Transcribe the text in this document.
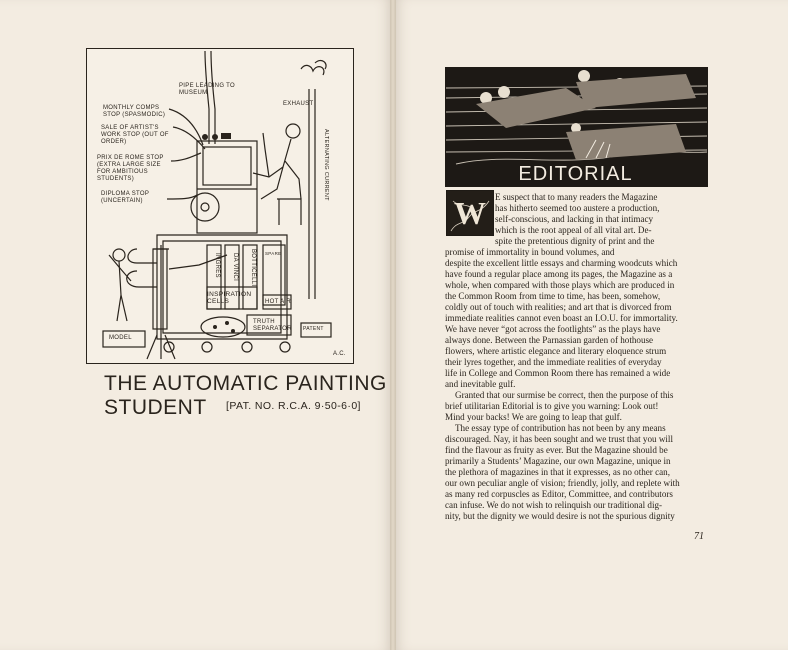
PIPE LEADING TO MUSEUM
MONTHLY COMPS STOP (SPASMODIC)
SALE OF ARTIST'S WORK STOP (OUT OF ORDER)
PRIX DE ROME STOP (EXTRA LARGE SIZE FOR AMBITIOUS STUDENTS)
DIPLOMA STOP (UNCERTAIN)
EXHAUST
ALTERNATING CURRENT
INGRES	DA VINCI	BOTTICELLI
INSPIRATION CELLS	HOT AIR
TRUTH SEPARATOR
MODEL
A.C.
PATENT
SPARE
THE AUTOMATIC PAINTING
STUDENT	[PAT. NO. R.C.A. 9·50-6·0]
EDITORIAL
W E suspect that to many readers the Magazine
has hitherto seemed too austere a production,
self-conscious, and lacking in that intimacy
which is the root appeal of all vital art. De-
spite the pretentious dignity of print and the
promise of immortality in bound volumes, and
despite the excellent little essays and charming woodcuts which
have found a regular place among its pages, the Magazine as a
whole, when compared with those plays which are produced in
the Common Room from time to time, has been, somehow,
coldly out of touch with realities; and art that is divorced from
immediate realities cannot even boast an I.O.U. for immortality.
We have never “got across the footlights” as the plays have
always done. Between the Parnassian garden of hothouse
flowers, where artistic elegance and literary eloquence strum
their lyres together, and the immediate realities of everyday
life in College and Common Room there has remained a wide
and inevitable gulf.
Granted that our surmise be correct, then the purpose of this
brief utilitarian Editorial is to give you warning: Look out!
Mind your backs! We are going to leap that gulf.
The essay type of contribution has not been by any means
discouraged. Nay, it has been sought and we trust that you will
find the flavour as fruity as ever. But the Magazine should be
primarily a Students’ Magazine, our own Magazine, unique in
the plethora of magazines in that it expresses, as no other can,
our own peculiar angle of vision; friendly, jolly, and replete with
as many red corpuscles as Editor, Committee, and contributors
can infuse. We do not wish to relinquish our traditional dig-
nity, but the dignity we would desire is not the spurious dignity
71
